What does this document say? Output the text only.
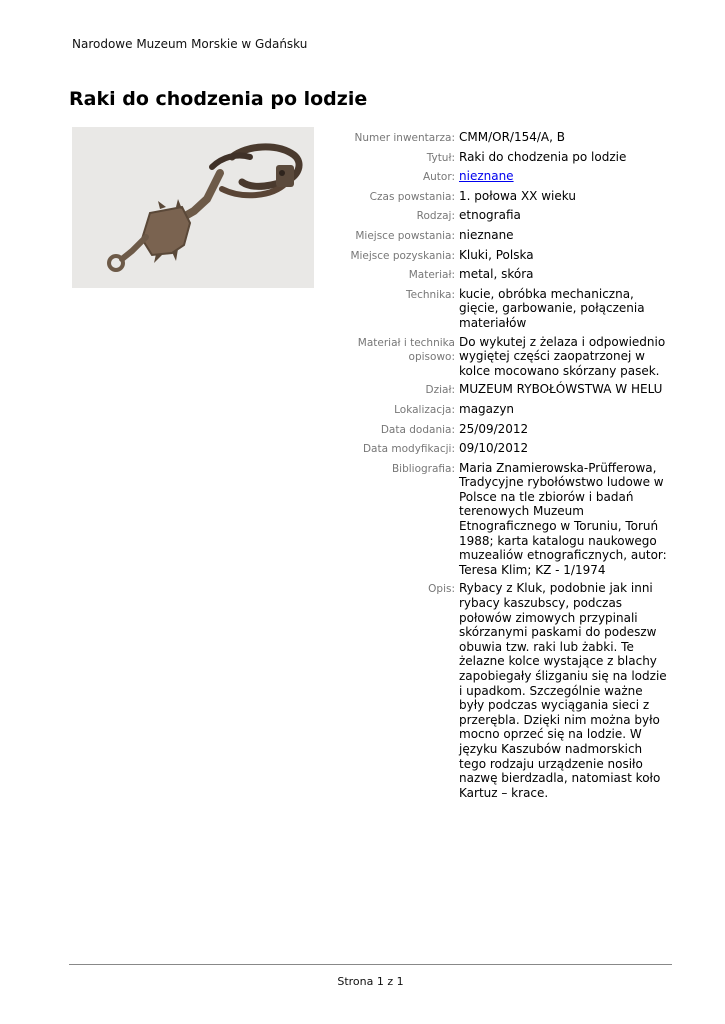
Narodowe Muzeum Morskie w Gdańsku
Raki do chodzenia po lodzie
Numer inwentarza: CMM/OR/154/A, B
Tytuł: Raki do chodzenia po lodzie
Autor: nieznane
Czas powstania: 1. połowa XX wieku
Rodzaj: etnografia
Miejsce powstania: nieznane
Miejsce pozyskania: Kluki, Polska
Materiał: metal, skóra
Technika: kucie, obróbka mechaniczna, gięcie, garbowanie, połączenia materiałów
Materiał i technika opisowo:
Do wykutej z żelaza i odpowiednio wygiętej części zaopatrzonej w kolce mocowano skórzany pasek.
Dział: MUZEUM RYBOŁÓWSTWA W HELU
Lokalizacja: magazyn
Data dodania: 25/09/2012
Data modyfikacji: 09/10/2012
Bibliografia: Maria Znamierowska-Prüfferowa, Tradycyjne rybołówstwo ludowe w Polsce na tle zbiorów i badań terenowych Muzeum Etnograficznego w Toruniu, Toruń 1988; karta katalogu naukowego muzealiów etnograficznych, autor: Teresa Klim; KZ - 1/1974
Opis: Rybacy z Kluk, podobnie jak inni rybacy kaszubscy, podczas połowów zimowych przypinali skórzanymi paskami do podeszw obuwia tzw. raki lub żabki. Te żelazne kolce wystające z blachy zapobiegały ślizganiu się na lodzie i upadkom. Szczególnie ważne były podczas wyciągania sieci z przerębla. Dzięki nim można było mocno oprzeć się na lodzie. W języku Kaszubów nadmorskich tego rodzaju urządzenie nosiło nazwę bierdzadla, natomiast koło Kartuz – krace.
Strona 1 z 1
